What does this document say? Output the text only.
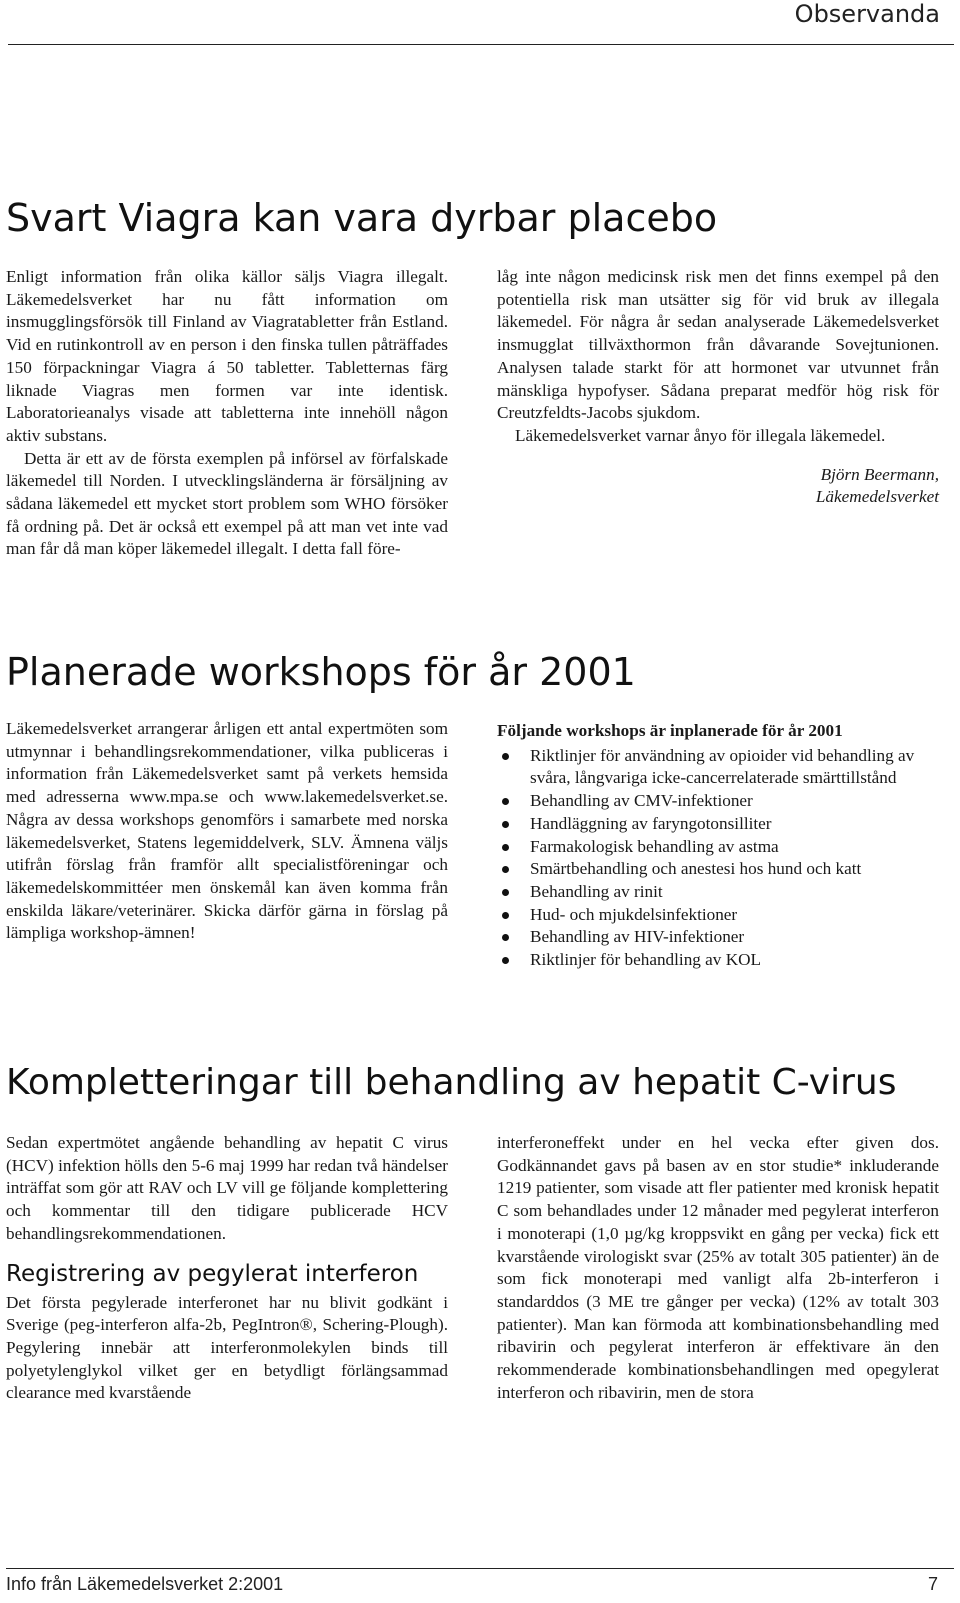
Observanda
Svart Viagra kan vara dyrbar placebo

Enligt information från olika källor säljs Viagra illegalt. Läkemedelsverket har nu fått information om insmugglingsförsök till Finland av Viagratabletter från Estland. Vid en rutinkontroll av en person i den finska tullen påträffades 150 förpackningar Viagra á 50 tabletter. Tabletternas färg liknade Viagras men formen var inte identisk. Laboratorieanalys visade att tabletterna inte innehöll någon aktiv substans.

Detta är ett av de första exemplen på införsel av förfalskade läkemedel till Norden. I utvecklingsländerna är försäljning av sådana läkemedel ett mycket stort problem som WHO försöker få ordning på. Det är också ett exempel på att man vet inte vad man får då man köper läkemedel illegalt. I detta fall före-

låg inte någon medicinsk risk men det finns exempel på den potentiella risk man utsätter sig för vid bruk av illegala läkemedel. För några år sedan analyserade Läkemedelsverket insmugglat tillväxthormon från dåvarande Sovejtunionen. Analysen talade starkt för att hormonet var utvunnet från mänskliga hypofyser. Sådana preparat medför hög risk för Creutzfeldts-Jacobs sjukdom.

Läkemedelsverket varnar ånyo för illegala läkemedel.

Björn Beermann,
Läkemedelsverket
Planerade workshops för år 2001

Läkemedelsverket arrangerar årligen ett antal expertmöten som utmynnar i behandlingsrekommendationer, vilka publiceras i information från Läkemedelsverket samt på verkets hemsida med adresserna www.mpa.se och www.lakemedelsverket.se. Några av dessa workshops genomförs i samarbete med norska läkemedelsverket, Statens legemiddelverk, SLV. Ämnena väljs utifrån förslag från framför allt specialistföreningar och läkemedelskommittéer men önskemål kan även komma från enskilda läkare/veterinärer. Skicka därför gärna in förslag på lämpliga workshop-ämnen!

Följande workshops är inplanerade för år 2001
Riktlinjer för användning av opioider vid behandling av svåra, långvariga icke-cancerrelaterade smärttillstånd
Behandling av CMV-infektioner
Handläggning av faryngotonsilliter
Farmakologisk behandling av astma
Smärtbehandling och anestesi hos hund och katt
Behandling av rinit
Hud- och mjukdelsinfektioner
Behandling av HIV-infektioner
Riktlinjer för behandling av KOL
Kompletteringar till behandling av hepatit C-virus

Sedan expertmötet angående behandling av hepatit C virus (HCV) infektion hölls den 5-6 maj 1999 har redan två händelser inträffat som gör att RAV och LV vill ge följande komplettering och kommentar till den tidigare publicerade HCV behandlingsrekommendationen.

Registrering av pegylerat interferon

Det första pegylerade interferonet har nu blivit godkänt i Sverige (peg-interferon alfa-2b, PegIntron®, Schering-Plough). Pegylering innebär att interferonmolekylen binds till polyetylenglykol vilket ger en betydligt förlängsammad clearance med kvarstående

interferoneffekt under en hel vecka efter given dos. Godkännandet gavs på basen av en stor studie* inkluderande 1219 patienter, som visade att fler patienter med kronisk hepatit C som behandlades under 12 månader med pegylerat interferon i monoterapi (1,0 µg/kg kroppsvikt en gång per vecka) fick ett kvarstående virologiskt svar (25% av totalt 305 patienter) än de som fick monoterapi med vanligt alfa 2b-interferon i standarddos (3 ME tre gånger per vecka) (12% av totalt 303 patienter). Man kan förmoda att kombinationsbehandling med ribavirin och pegylerat interferon är effektivare än den rekommenderade kombinationsbehandlingen med opegylerat interferon och ribavirin, men de stora

Info från Läkemedelsverket 2:2001	7
